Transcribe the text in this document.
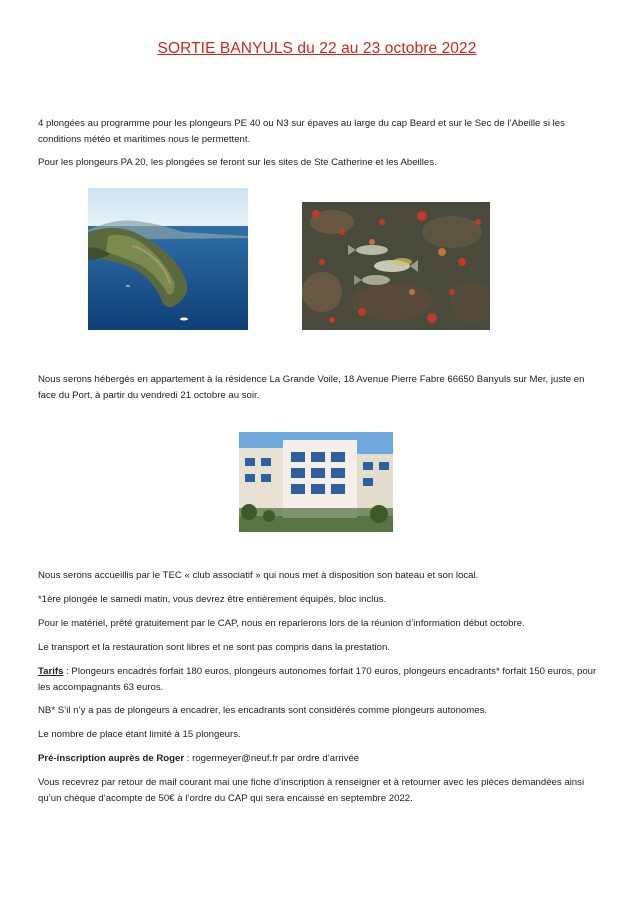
SORTIE BANYULS du 22 au 23 octobre 2022

4 plongées au programme pour les plongeurs PE 40 ou N3 sur épaves au large du cap Beard et sur le Sec de l’Abeille si les conditions météo et maritimes nous le permettent.

Pour les plongeurs PA 20, les plongées se feront sur les sites de Ste Catherine et les Abeilles.

Nous serons hébergés en appartement à la résidence La Grande Voile, 18 Avenue Pierre Fabre 66650 Banyuls sur Mer, juste en face du Port, à partir du vendredi 21 octobre au soir.

Nous serons accueillis par le TEC « club associatif » qui nous met à disposition son bateau et son local.

*1ère plongée le samedi matin, vous devrez être entièrement équipés, bloc inclus.

Pour le matériel, prêté gratuitement par le CAP, nous en reparlerons lors de la réunion d’information début octobre.

Le transport et la restauration sont libres et ne sont pas compris dans la prestation.

Tarifs : Plongeurs encadrés forfait 180 euros, plongeurs autonomes forfait 170 euros, plongeurs encadrants* forfait 150 euros, pour les accompagnants 63 euros.

NB* S’il n’y a pas de plongeurs à encadrer, les encadrants sont considérés comme plongeurs autonomes.

Le nombre de place étant limité à 15 plongeurs.

Pré-inscription auprès de Roger : rogermeyer@neuf.fr par ordre d’arrivée

Vous recevrez par retour de mail courant mai une fiche d’inscription à renseigner et à retourner avec les pièces demandées ainsi qu’un chèque d’acompte de 50€ à l’ordre du CAP qui sera encaissé en septembre 2022.
